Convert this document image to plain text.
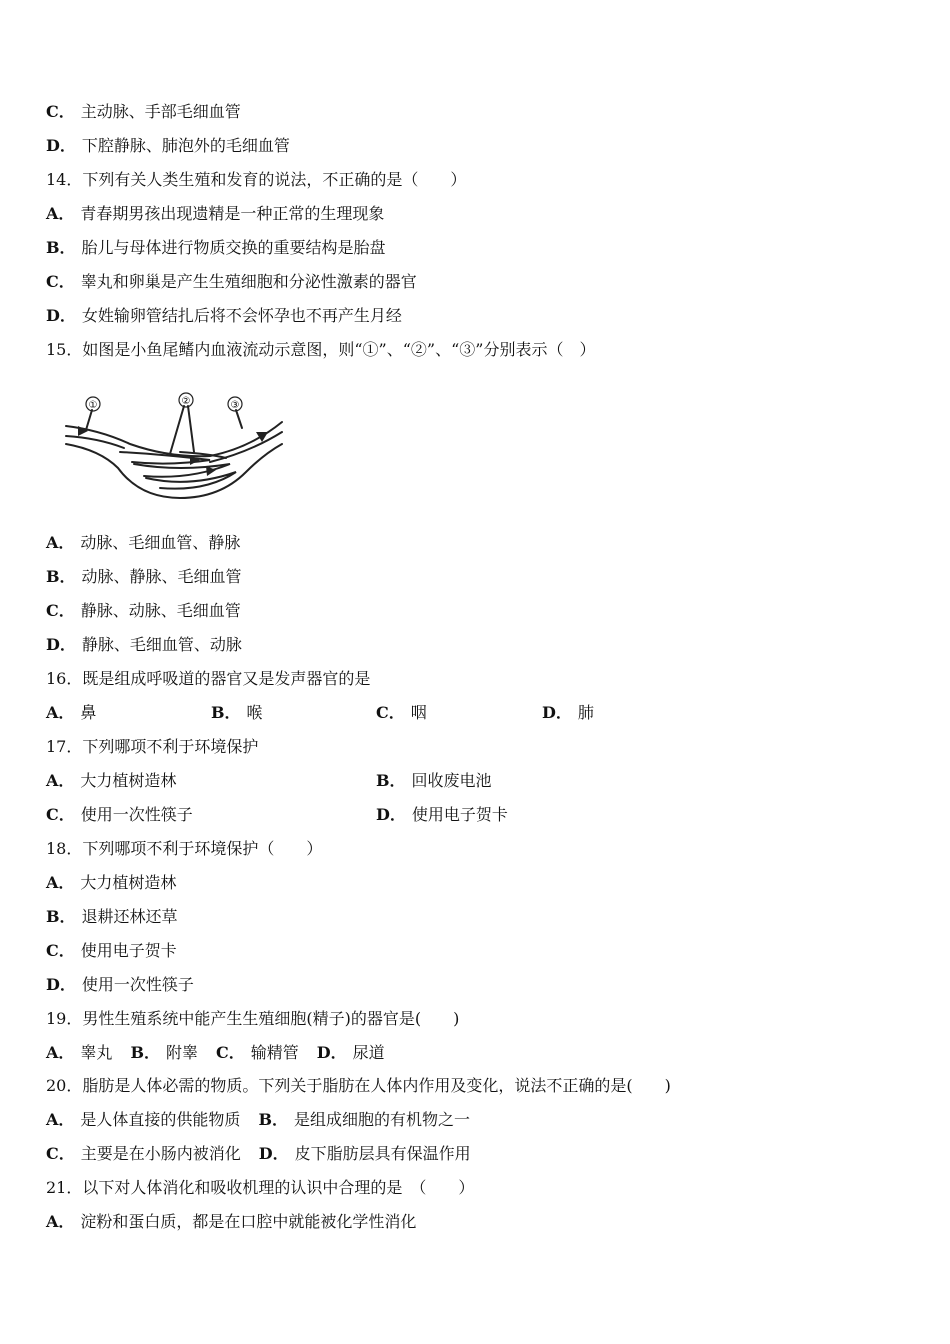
C． 主动脉、手部毛细血管
D． 下腔静脉、肺泡外的毛细血管
14．下列有关人类生殖和发育的说法，不正确的是（　　）
A． 青春期男孩出现遗精是一种正常的生理现象
B． 胎儿与母体进行物质交换的重要结构是胎盘
C． 睾丸和卵巢是产生生殖细胞和分泌性激素的器官
D． 女姓输卵管结扎后将不会怀孕也不再产生月经
15．如图是小鱼尾鳍内血液流动示意图，则“①”、“②”、“③”分别表示（　）
①	②	③
A． 动脉、毛细血管、静脉
B． 动脉、静脉、毛细血管
C． 静脉、动脉、毛细血管
D． 静脉、毛细血管、动脉
16．既是组成呼吸道的器官又是发声器官的是
A． 鼻	B． 喉	C． 咽	D． 肺
17．下列哪项不利于环境保护
A． 大力植树造林	B． 回收废电池
C． 使用一次性筷子	D． 使用电子贺卡
18．下列哪项不利于环境保护（　　）
A． 大力植树造林
B． 退耕还林还草
C． 使用电子贺卡
D． 使用一次性筷子
19．男性生殖系统中能产生生殖细胞(精子)的器官是(　　)
A． 睾丸 B． 附睾 C． 输精管 D． 尿道
20．脂肪是人体必需的物质。下列关于脂肪在人体内作用及变化，说法不正确的是(　　)
A． 是人体直接的供能物质 B． 是组成细胞的有机物之一
C． 主要是在小肠内被消化 D． 皮下脂肪层具有保温作用
21．以下对人体消化和吸收机理的认识中合理的是　（　　）
A． 淀粉和蛋白质，都是在口腔中就能被化学性消化
